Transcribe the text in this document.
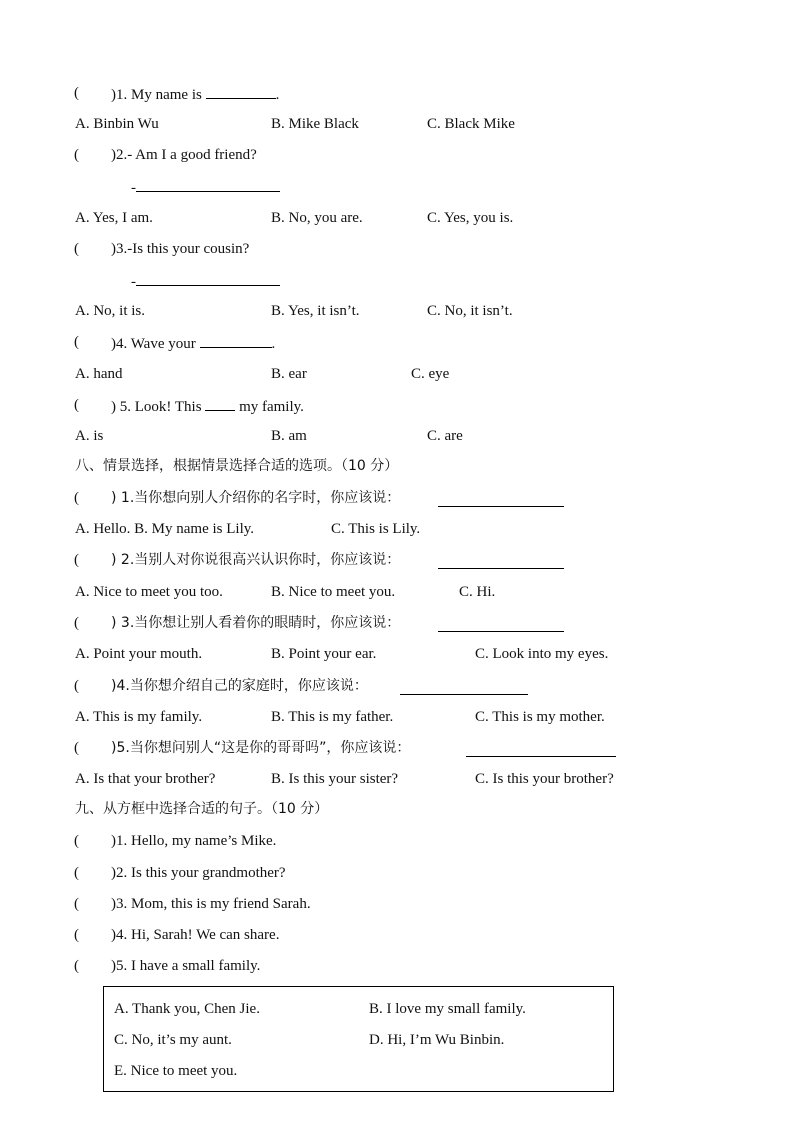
( )1. My name is	.
A. Binbin Wu	B. Mike Black	C. Black Mike
( )2.- Am I a good friend?
-
A. Yes, I am.	B. No, you are.	C. Yes, you is.
( )3.-Is this your cousin?
-
A. No, it is.	B. Yes, it isn’t.	C. No, it isn’t.
( )4. Wave your	.
A. hand	B. ear	C. eye
( ) 5. Look! This	my family.
A. is	B. am	C. are
八、情景选择，根据情景选择合适的选项。（10 分）
( ) 1.当你想向别人介绍你的名字时，你应该说：
A. Hello. B. My name is Lily.	C. This is Lily.
( ) 2.当别人对你说很高兴认识你时，你应该说：
A. Nice to meet you too.	B. Nice to meet you.	C. Hi.
( ) 3.当你想让别人看着你的眼睛时，你应该说：
A. Point your mouth.	B. Point your ear.	C. Look into my eyes.
( )4.当你想介绍自己的家庭时，你应该说：
A. This is my family.	B. This is my father.	C. This is my mother.
( )5.当你想问别人“这是你的哥哥吗”，你应该说：
A. Is that your brother?	B. Is this your sister?	C. Is this your brother?
九、从方框中选择合适的句子。（10 分）
( )1. Hello, my name’s Mike.
( )2. Is this your grandmother?
( )3. Mom, this is my friend Sarah.
( )4. Hi, Sarah! We can share.
( )5. I have a small family.
A. Thank you, Chen Jie.	B. I love my small family.
C. No, it’s my aunt.	D. Hi, I’m Wu Binbin.
E. Nice to meet you.
